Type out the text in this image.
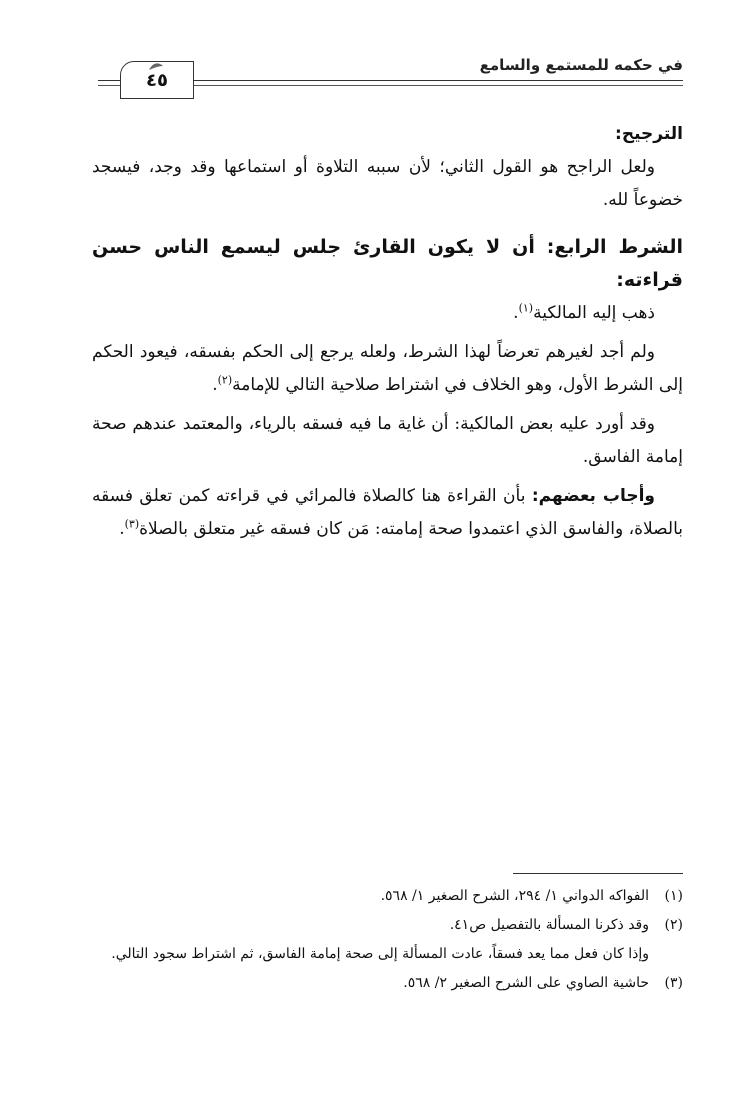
في حكمه للمستمع والسامع
٤٥

الترجيح:

ولعل الراجح هو القول الثاني؛ لأن سببه التلاوة أو استماعها وقد وجد، فيسجد خضوعاً لله.

الشرط الرابع: أن لا يكون القارئ جلس ليسمع الناس حسن قراءته:

ذهب إليه المالكية$^{(١)}$.

ولم أجد لغيرهم تعرضاً لهذا الشرط، ولعله يرجع إلى الحكم بفسقه، فيعود الحكم إلى الشرط الأول، وهو الخلاف في اشتراط صلاحية التالي للإمامة$^{(٢)}$.

وقد أورد عليه بعض المالكية: أن غاية ما فيه فسقه بالرياء، والمعتمد عندهم صحة إمامة الفاسق.

وأجاب بعضهم: بأن القراءة هنا كالصلاة فالمرائي في قراءته كمن تعلق فسقه بالصلاة، والفاسق الذي اعتمدوا صحة إمامته: مَن كان فسقه غير متعلق بالصلاة$^{(٣)}$.

(١)
الفواكه الدواني ١/ ٢٩٤، الشرح الصغير ١/ ٥٦٨.
(٢)
وقد ذكرنا المسألة بالتفصيل ص٤١.
وإذا كان فعل مما يعد فسقاً، عادت المسألة إلى صحة إمامة الفاسق، ثم اشتراط سجود التالي.
(٣)
حاشية الصاوي على الشرح الصغير ٢/ ٥٦٨.
